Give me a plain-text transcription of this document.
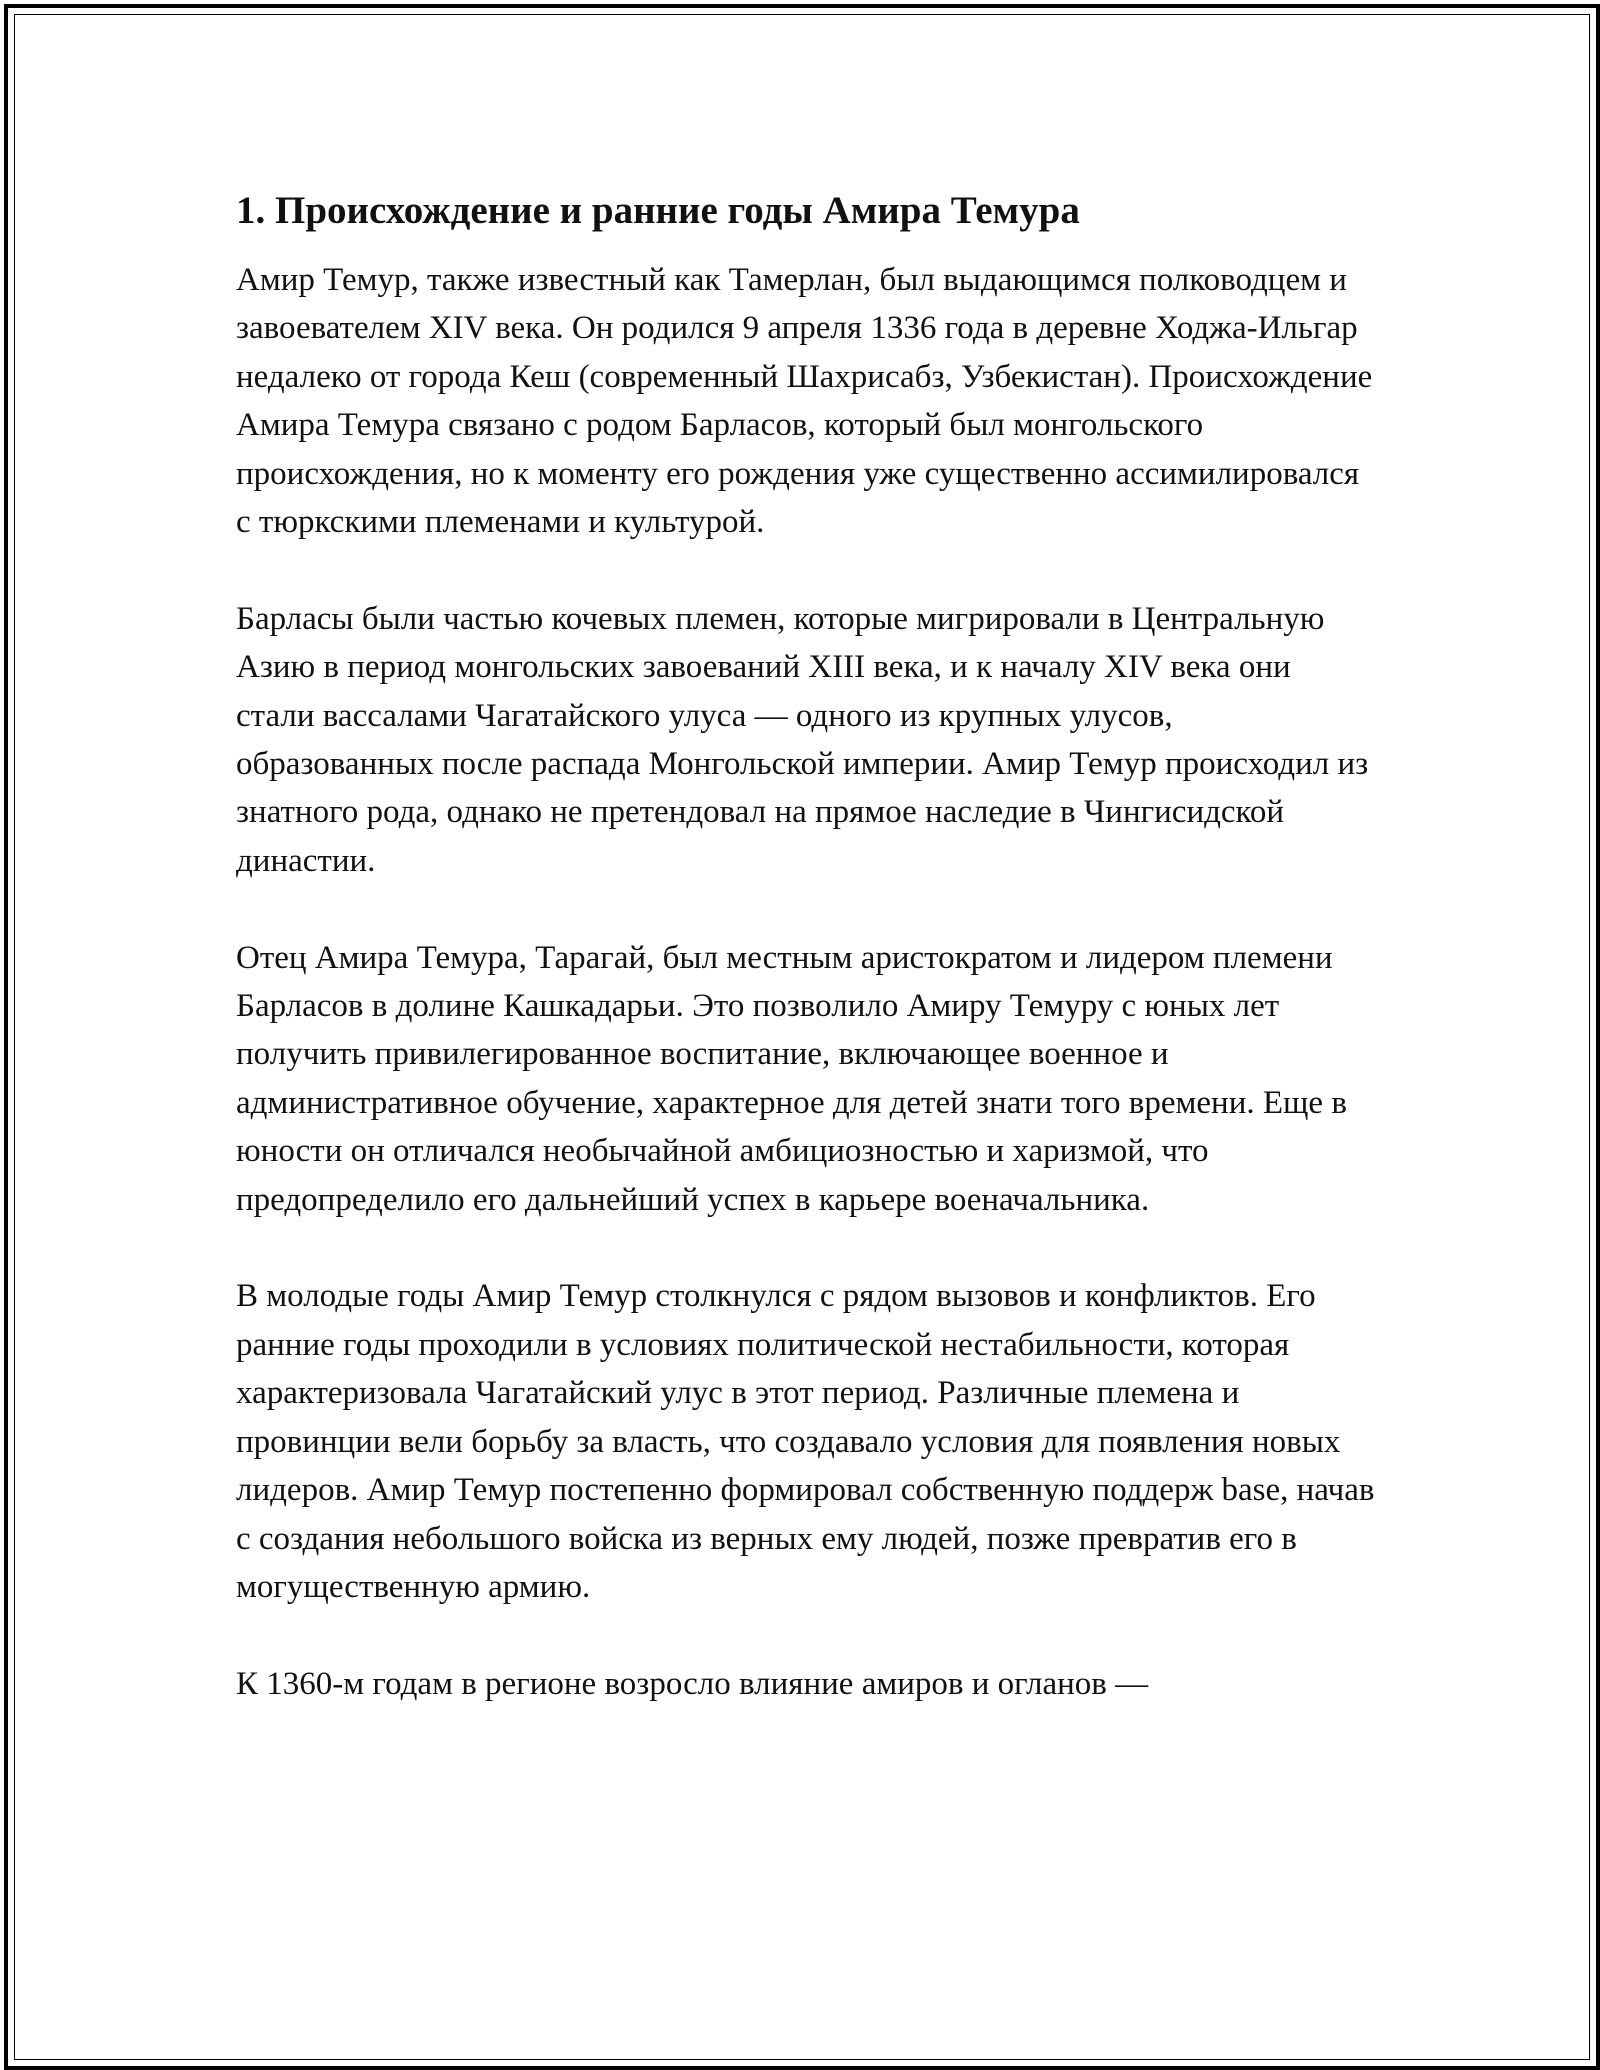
1. Происхождение и ранние годы Амира Темура

Амир Темур, также известный как Тамерлан, был выдающимся полководцем и завоевателем XIV века. Он родился 9 апреля 1336 года в деревне Ходжа-Ильгар недалеко от города Кеш (современный Шахрисабз, Узбекистан). Происхождение Амира Темура связано с родом Барласов, который был монгольского происхождения, но к моменту его рождения уже существенно ассимилировался с тюркскими племенами и культурой.

Барласы были частью кочевых племен, которые мигрировали в Центральную Азию в период монгольских завоеваний XIII века, и к началу XIV века они стали вассалами Чагатайского улуса — одного из крупных улусов, образованных после распада Монгольской империи. Амир Темур происходил из знатного рода, однако не претендовал на прямое наследие в Чингисидской династии.

Отец Амира Темура, Тарагай, был местным аристократом и лидером племени Барласов в долине Кашкадарьи. Это позволило Амиру Темуру с юных лет получить привилегированное воспитание, включающее военное и административное обучение, характерное для детей знати того времени. Еще в юности он отличался необычайной амбициозностью и харизмой, что предопределило его дальнейший успех в карьере военачальника.

В молодые годы Амир Темур столкнулся с рядом вызовов и конфликтов. Его ранние годы проходили в условиях политической нестабильности, которая характеризовала Чагатайский улус в этот период. Различные племена и провинции вели борьбу за власть, что создавало условия для появления новых лидеров. Амир Темур постепенно формировал собственную поддерж base, начав с создания небольшого войска из верных ему людей, позже превратив его в могущественную армию.

К 1360-м годам в регионе возросло влияние амиров и огланов —
